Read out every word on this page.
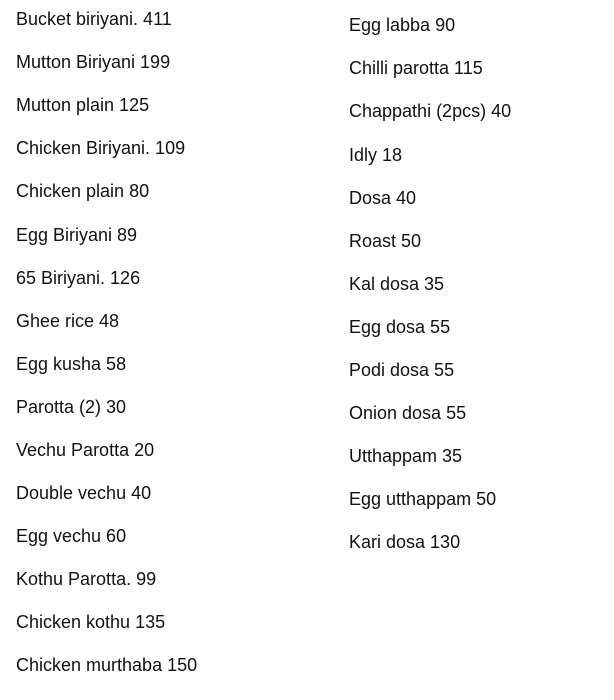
Bucket biriyani. 411
Mutton Biriyani 199
Mutton plain 125
Chicken Biriyani. 109
Chicken plain 80
Egg Biriyani 89
65 Biriyani. 126
Ghee rice 48
Egg kusha 58
Parotta (2) 30
Vechu Parotta 20
Double vechu 40
Egg vechu 60
Kothu Parotta. 99
Chicken kothu 135
Chicken murthaba 150
Egg labba 90
Chilli parotta 115
Chappathi (2pcs) 40
Idly 18
Dosa 40
Roast 50
Kal dosa 35
Egg dosa 55
Podi dosa 55
Onion dosa 55
Utthappam 35
Egg utthappam 50
Kari dosa 130
